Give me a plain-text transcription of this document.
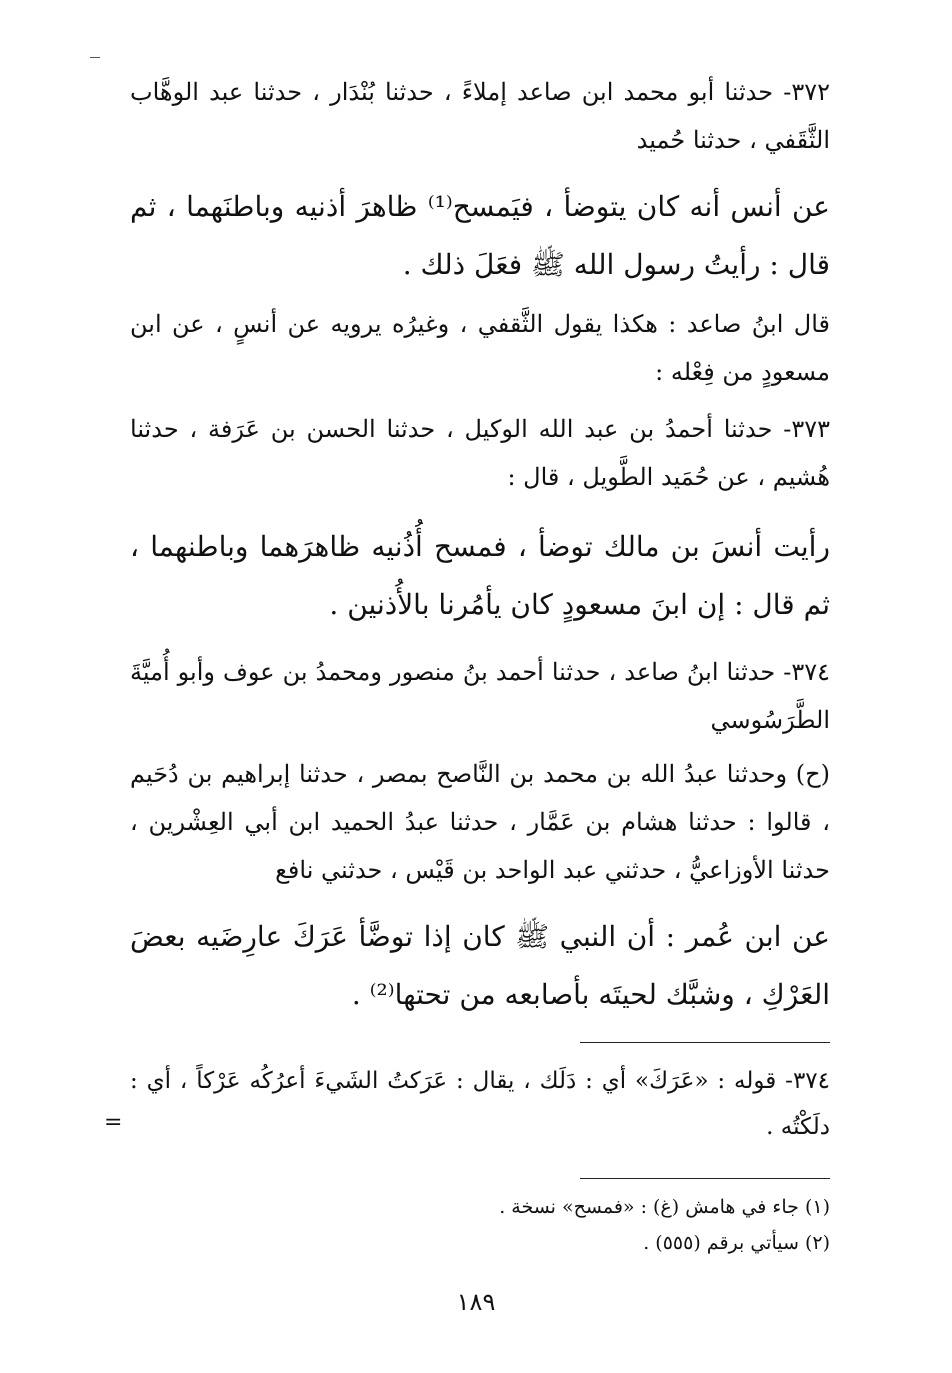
٣٧٢- حدثنا أبو محمد ابن صاعد إملاءً ، حدثنا بُنْدَار ، حدثنا عبد الوهَّاب الثَّقَفي ، حدثنا حُميد
عن أنس أنه كان يتوضأ ، فيَمسح⁽¹⁾ ظاهرَ أذنيه وباطنَهما ، ثم قال : رأيتُ رسول الله ﷺ فعَلَ ذلك .
قال ابنُ صاعد : هكذا يقول الثَّقفي ، وغيرُه يرويه عن أنسٍ ، عن ابن مسعودٍ من فِعْله :
٣٧٣- حدثنا أحمدُ بن عبد الله الوكيل ، حدثنا الحسن بن عَرَفة ، حدثنا هُشيم ، عن حُمَيد الطَّويل ، قال :
رأيت أنسَ بن مالك توضأ ، فمسح أُذُنيه ظاهرَهما وباطنهما ، ثم قال : إن ابنَ مسعودٍ كان يأمُرنا بالأُذنين .
٣٧٤- حدثنا ابنُ صاعد ، حدثنا أحمد بنُ منصور ومحمدُ بن عوف وأبو أُميَّةَ الطَّرَسُوسي
(ح) وحدثنا عبدُ الله بن محمد بن النَّاصح بمصر ، حدثنا إبراهيم بن دُحَيم ، قالوا : حدثنا هشام بن عَمَّار ، حدثنا عبدُ الحميد ابن أبي العِشْرين ، حدثنا الأوزاعيُّ ، حدثني عبد الواحد بن قَيْس ، حدثني نافع
عن ابن عُمر : أن النبي ﷺ كان إذا توضَّأ عَرَكَ عارِضَيه بعضَ العَرْكِ ، وشبَّك لحيتَه بأصابعه من تحتها⁽²⁾ .
٣٧٤- قوله : «عَرَكَ» أي : دَلَك ، يقال : عَرَكتُ الشَيءَ أعرُكُه عَرْكاً ، أي : دلَكْتُه .
=
(١) جاء في هامش (غ) : «فمسح» نسخة .
(٢) سيأتي برقم (٥٥٥) .
١٨٩
